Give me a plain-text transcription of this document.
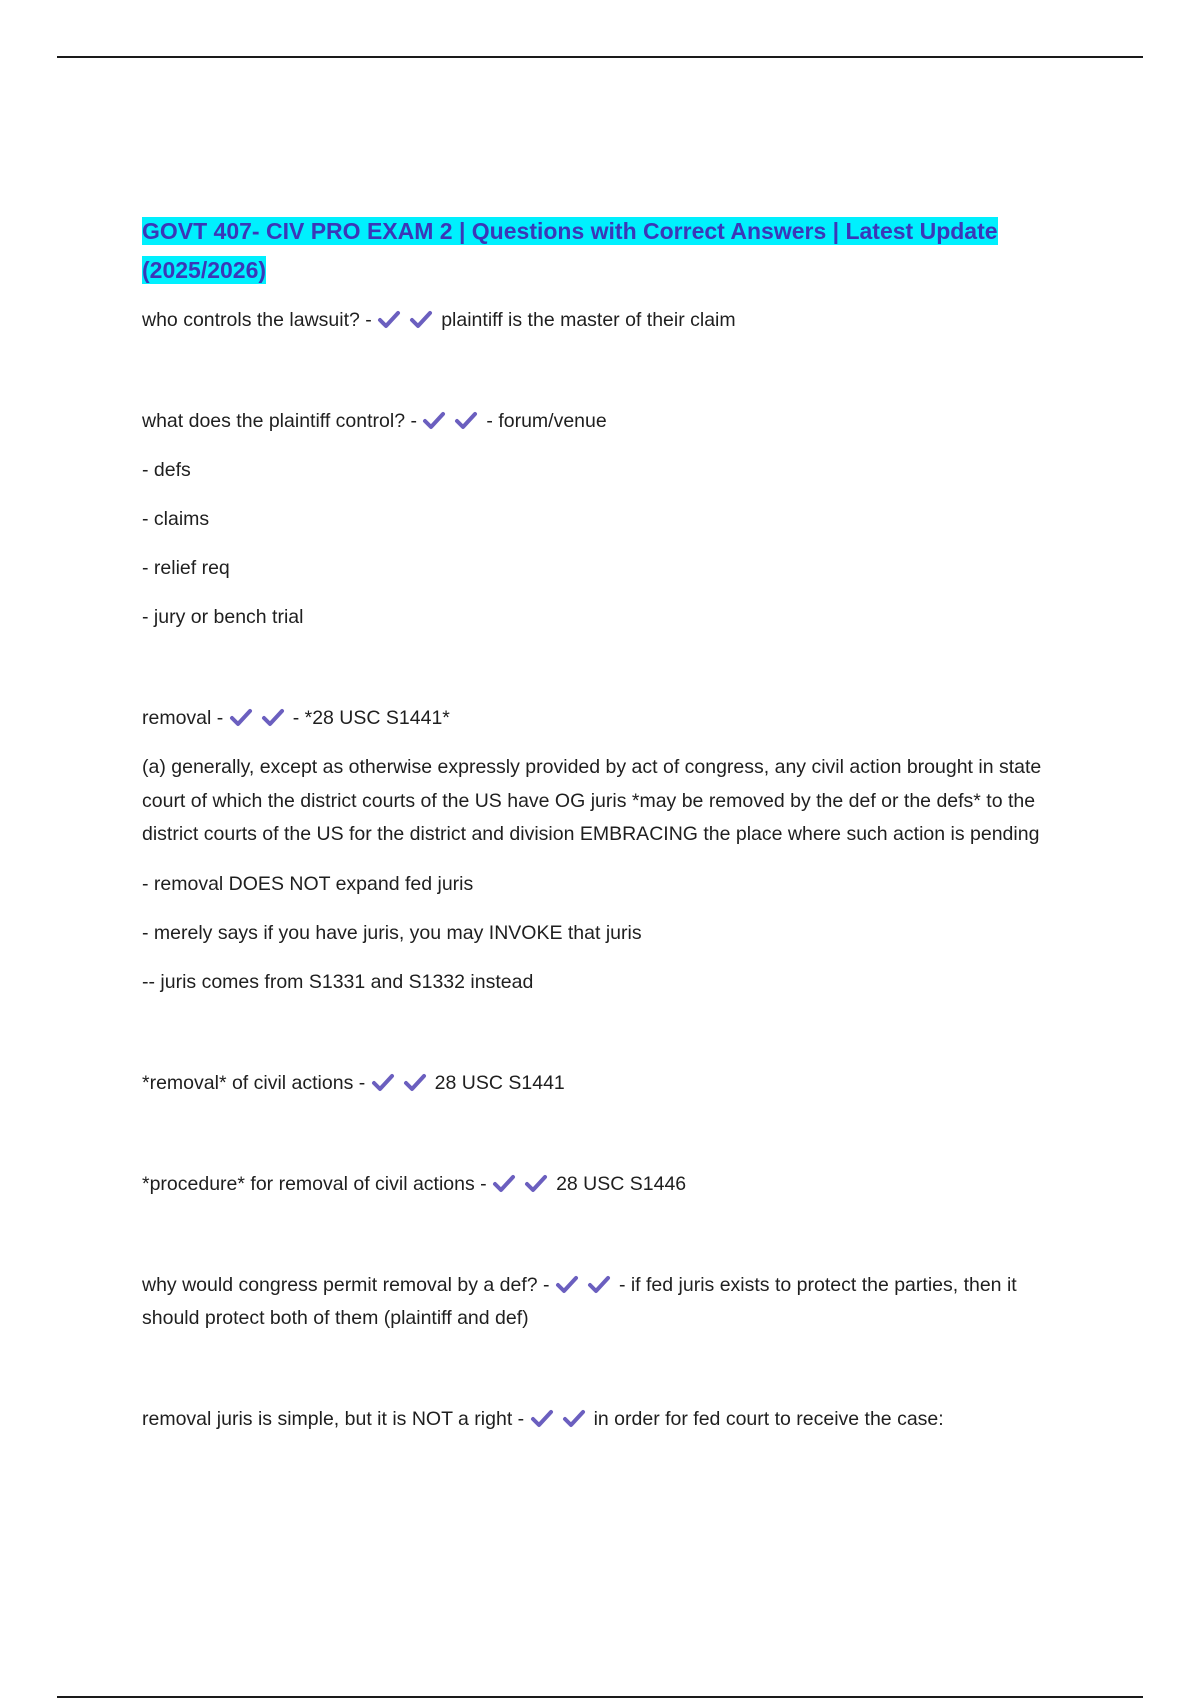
GOVT 407- CIV PRO EXAM 2 | Questions with Correct Answers | Latest Update (2025/2026)

who controls the lawsuit? -	plaintiff is the master of their claim

what does the plaintiff control? -	- forum/venue

- defs

- claims

- relief req

- jury or bench trial

removal -	- *28 USC S1441*

(a) generally, except as otherwise expressly provided by act of congress, any civil action brought in state court of which the district courts of the US have OG juris *may be removed by the def or the defs* to the district courts of the US for the district and division EMBRACING the place where such action is pending

- removal DOES NOT expand fed juris

- merely says if you have juris, you may INVOKE that juris

-- juris comes from S1331 and S1332 instead

*removal* of civil actions -	28 USC S1441

*procedure* for removal of civil actions -	28 USC S1446

why would congress permit removal by a def? -	- if fed juris exists to protect the parties, then it should protect both of them (plaintiff and def)

removal juris is simple, but it is NOT a right -	in order for fed court to receive the case:
